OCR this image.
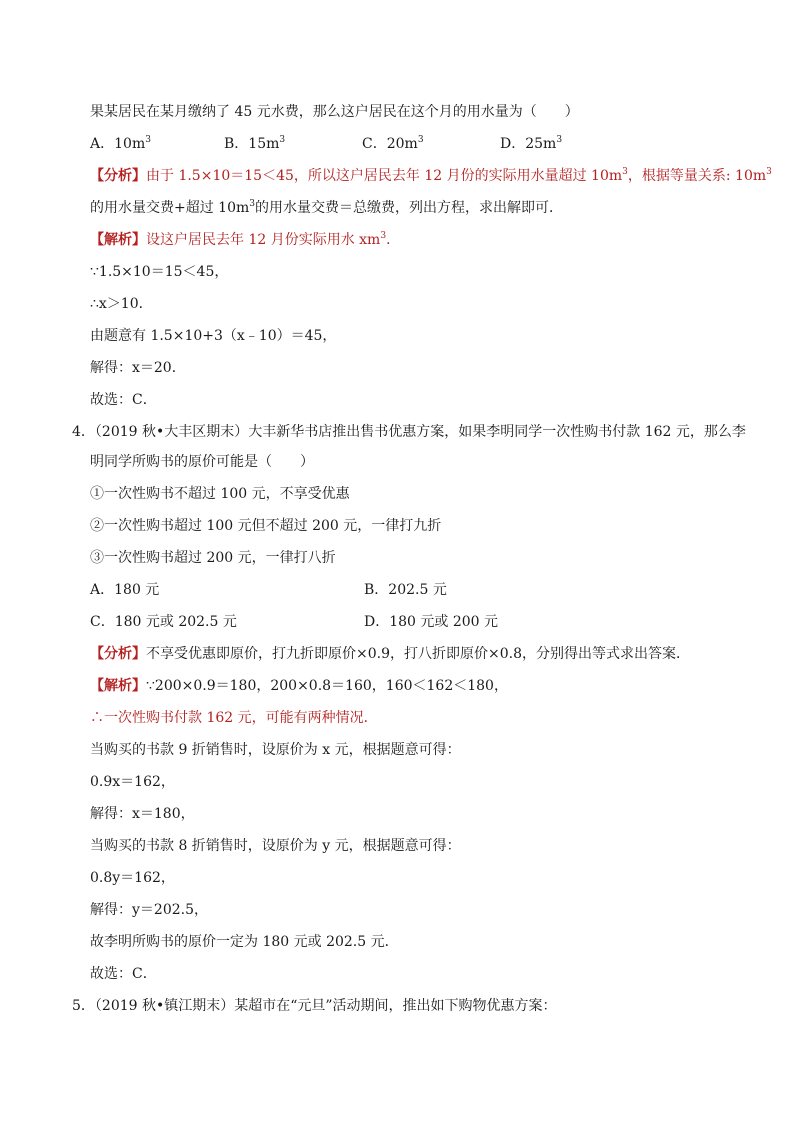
果某居民在某月缴纳了 45 元水费，那么这户居民在这个月的用水量为（　　）
A．$10m^3$	B．$15m^3$	C．$20m^3$	D．$25m^3$
【分析】由于 1.5×10＝15＜45，所以这户居民去年 12 月份的实际用水量超过 $10m^3$，根据等量关系: $10m^3$
的用水量交费+超过 $10m^3$的用水量交费＝总缴费，列出方程，求出解即可．
【解析】设这户居民去年 12 月份实际用水 $xm^3$．
∵1.5×10＝15＜45，
∴x＞10．
由题意有 1.5×10+3（x﹣10）＝45，
解得：x＝20．
故选：C．
4．（2019 秋•大丰区期末）大丰新华书店推出售书优惠方案，如果李明同学一次性购书付款 162 元，那么李
明同学所购书的原价可能是（　　）
①一次性购书不超过 100 元，不享受优惠
②一次性购书超过 100 元但不超过 200 元，一律打九折
③一次性购书超过 200 元，一律打八折
A．180 元	B．202.5 元
C．180 元或 202.5 元	D．180 元或 200 元
【分析】不享受优惠即原价，打九折即原价×0.9，打八折即原价×0.8，分别得出等式求出答案．
【解析】∵200×0.9＝180，200×0.8＝160，160＜162＜180，
∴一次性购书付款 162 元，可能有两种情况．
当购买的书款 9 折销售时，设原价为 x 元，根据题意可得：
0.9x＝162，
解得：x＝180，
当购买的书款 8 折销售时，设原价为 y 元，根据题意可得：
0.8y＝162，
解得：y＝202.5，
故李明所购书的原价一定为 180 元或 202.5 元．
故选：C．
5．（2019 秋•镇江期末）某超市在“元旦”活动期间，推出如下购物优惠方案：
